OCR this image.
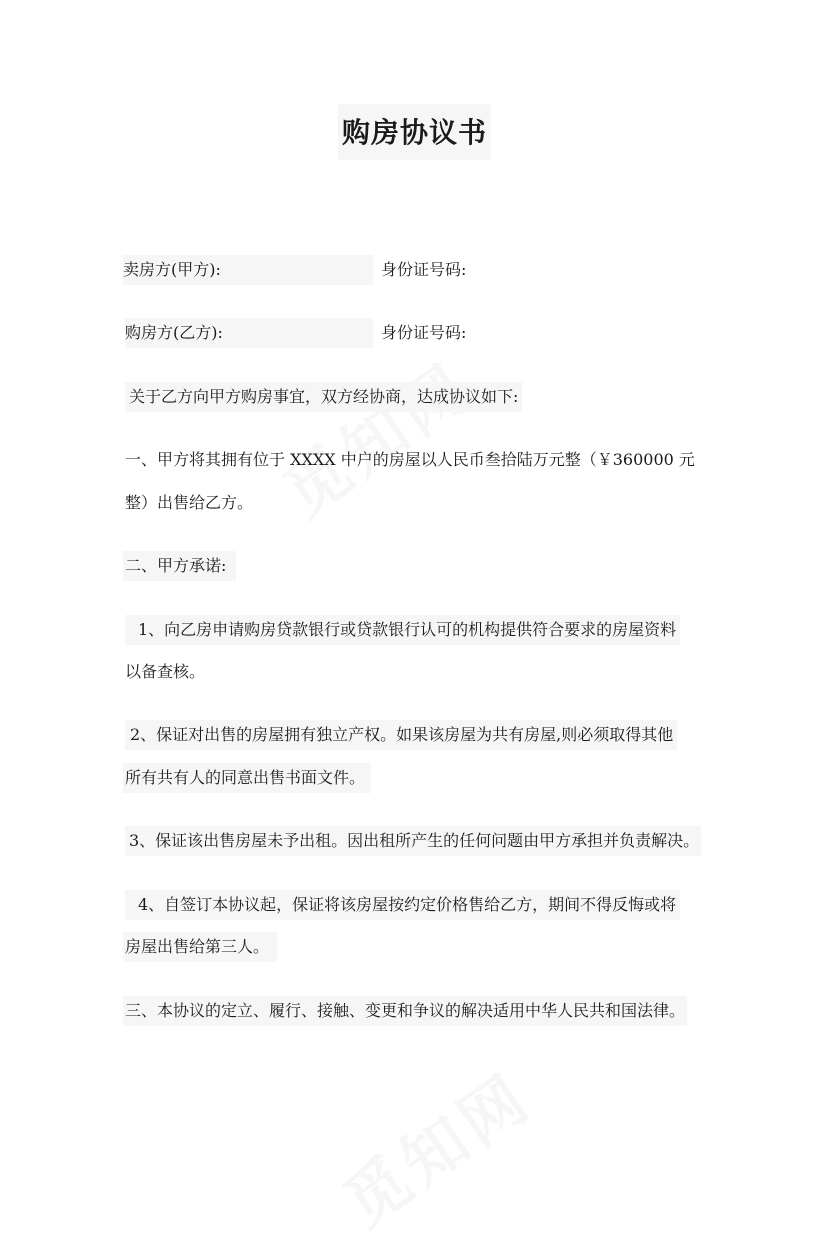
购房协议书
卖房方(甲方):	身份证号码:
购房方(乙方):	身份证号码:
关于乙方向甲方购房事宜，双方经协商，达成协议如下:
一、甲方将其拥有位于 XXXX 中户的房屋以人民币叁拾陆万元整（￥360000 元
整）出售给乙方。
二、甲方承诺:
1、向乙房申请购房贷款银行或贷款银行认可的机构提供符合要求的房屋资料
以备查核。
2、保证对出售的房屋拥有独立产权。如果该房屋为共有房屋,则必须取得其他
所有共有人的同意出售书面文件。
3、保证该出售房屋未予出租。因出租所产生的任何问题由甲方承担并负责解决。
4、自签订本协议起，保证将该房屋按约定价格售给乙方，期间不得反悔或将
房屋出售给第三人。
三、本协议的定立、履行、接触、变更和争议的解决适用中华人民共和国法律。
